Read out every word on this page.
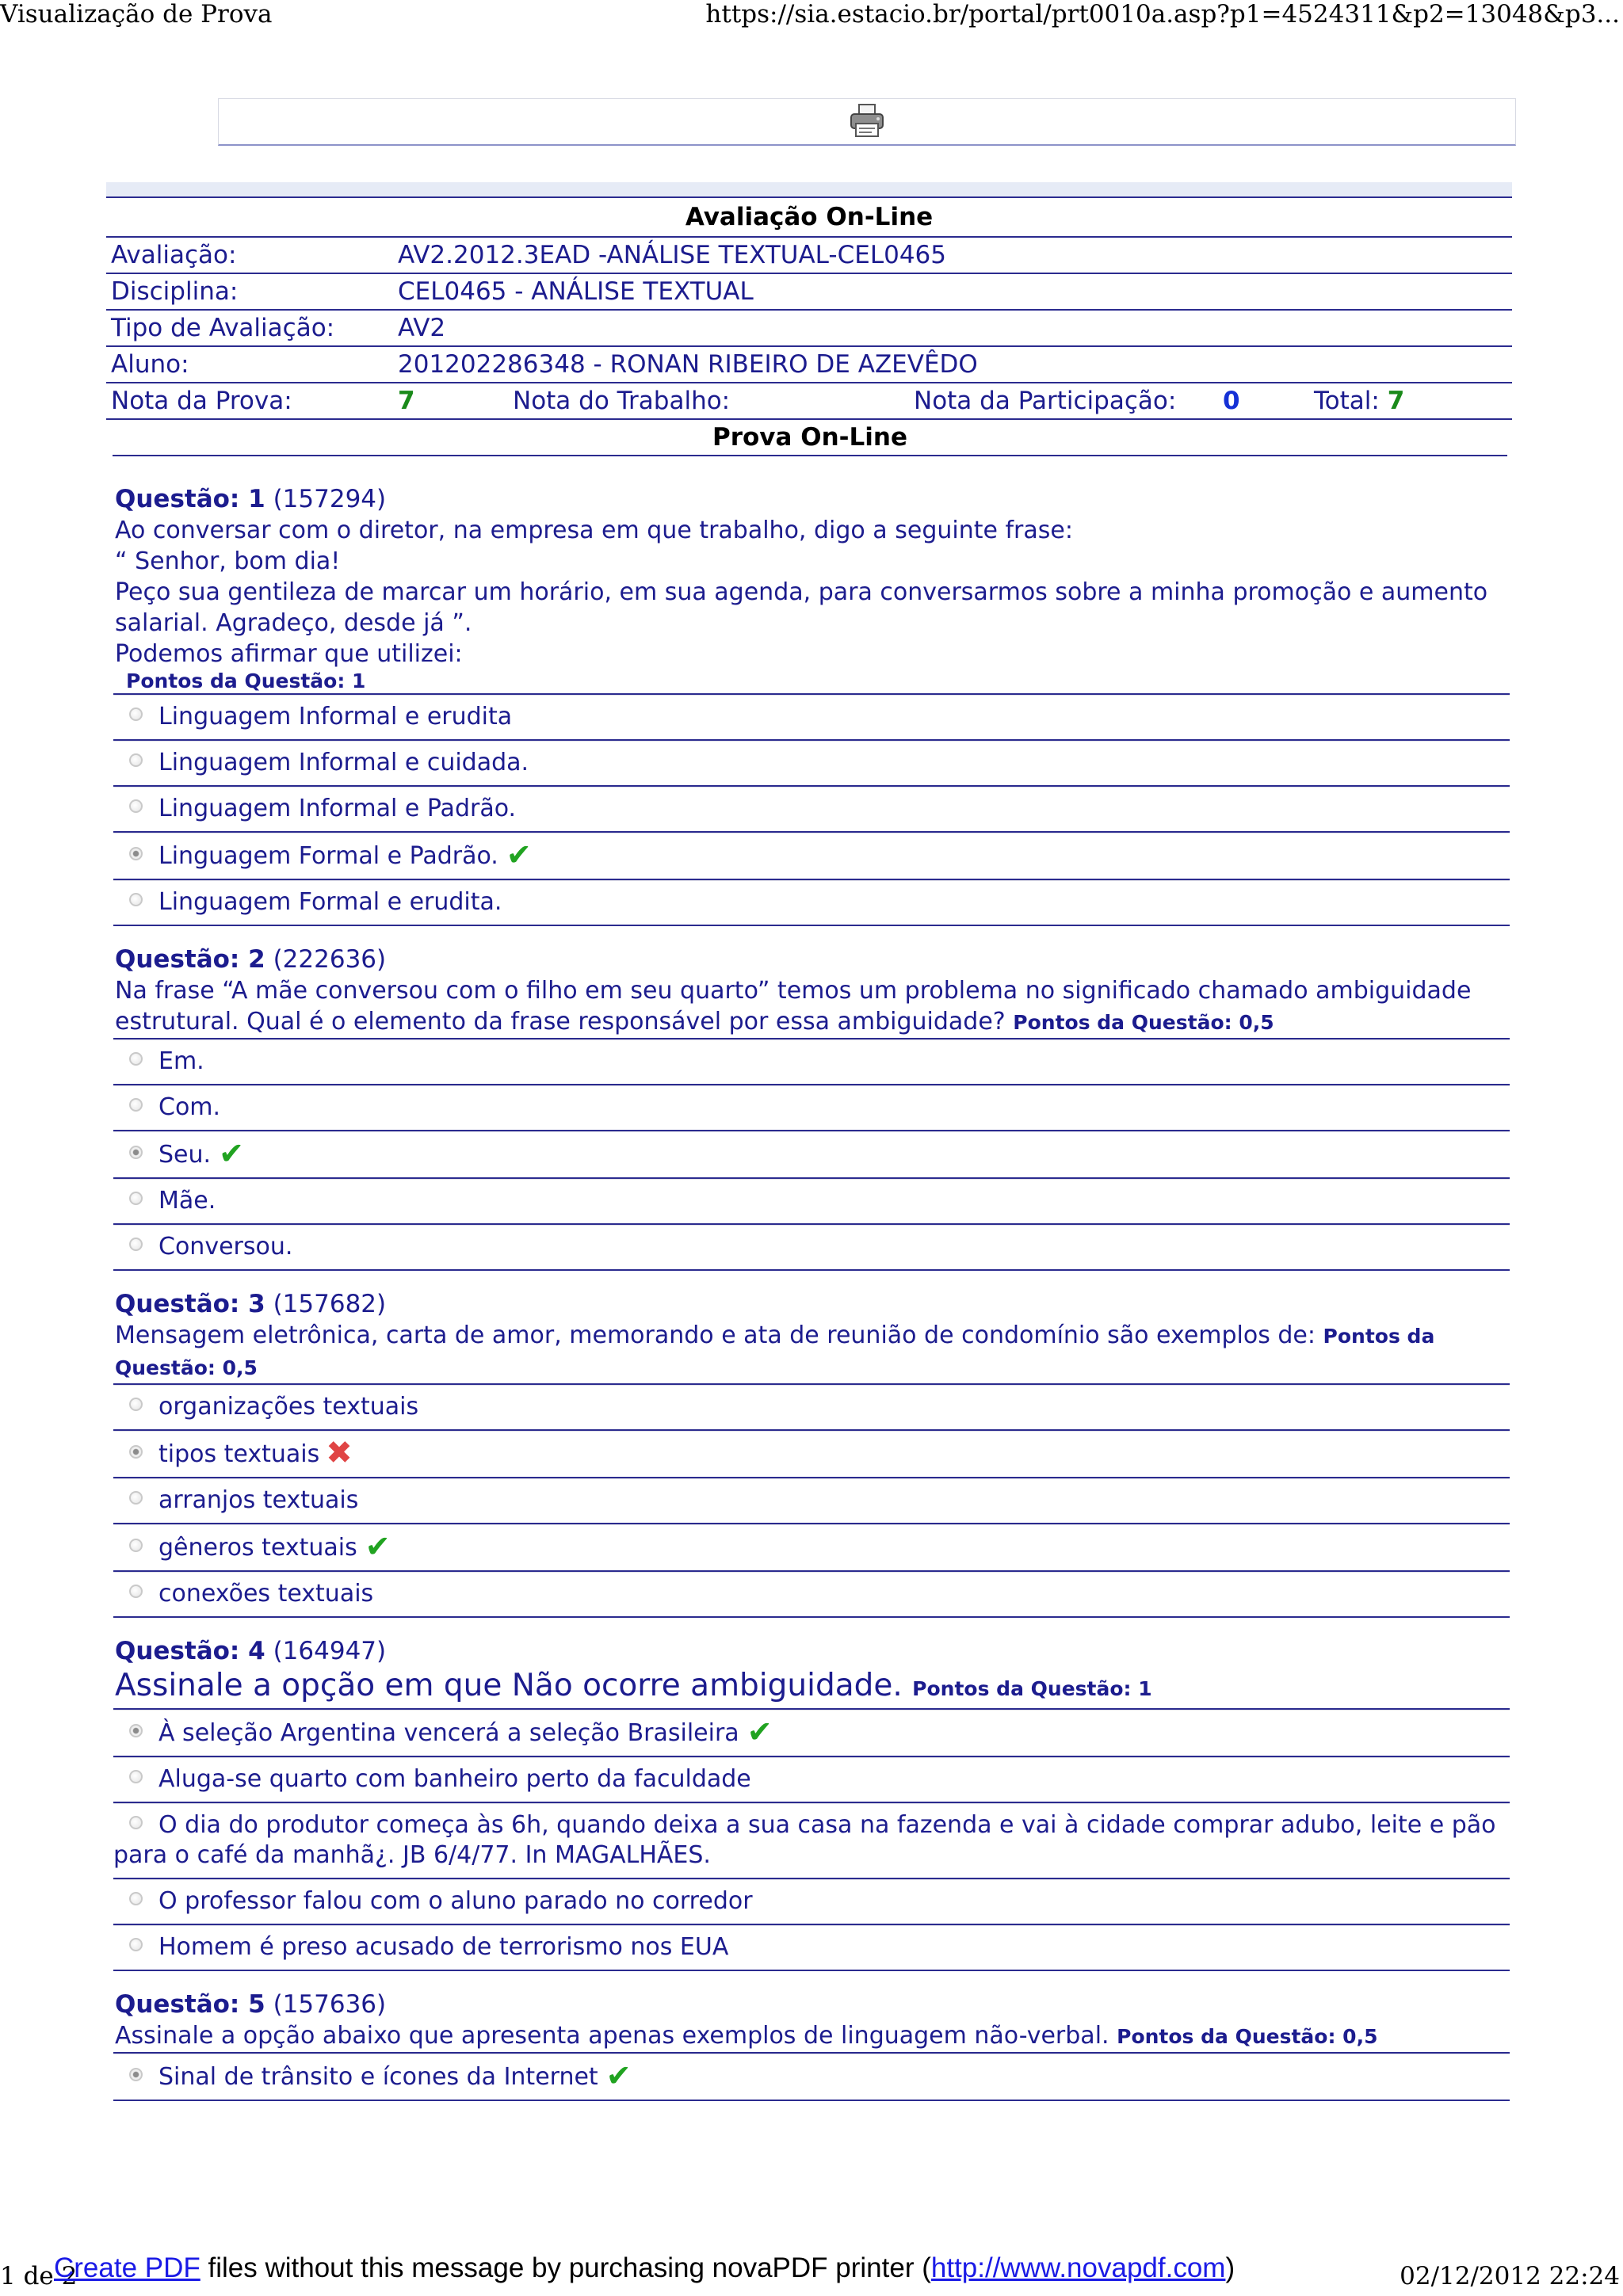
Visualização de Prova	https://sia.estacio.br/portal/prt0010a.asp?p1=4524311&p2=13048&p3...
Avaliação On-Line					
Avaliação:	AV2.2012.3EAD -ANÁLISE TEXTUAL-CEL0465				
Disciplina:	CEL0465 - ANÁLISE TEXTUAL				
Tipo de Avaliação:	AV2				
Aluno:	201202286348 - RONAN RIBEIRO DE AZEVÊDO				
Nota da Prova:	7	Nota do Trabalho:	Nota da Participação:	0	Total: 7
Prova On-Line
Questão: 1 (157294)
Ao conversar com o diretor, na empresa em que trabalho, digo a seguinte frase:
“ Senhor, bom dia!
Peço sua gentileza de marcar um horário, em sua agenda, para conversarmos sobre a minha promoção e aumento salarial. Agradeço, desde já ”.
Podemos afirmar que utilizei:
Pontos da Questão: 1
Linguagem Informal e erudita
Linguagem Informal e cuidada.
Linguagem Informal e Padrão.
Linguagem Formal e Padrão. ✔
Linguagem Formal e erudita.
Questão: 2 (222636)
Na frase “A mãe conversou com o filho em seu quarto” temos um problema no significado chamado ambiguidade estrutural. Qual é o elemento da frase responsável por essa ambiguidade? Pontos da Questão: 0,5
Em.
Com.
Seu. ✔
Mãe.
Conversou.
Questão: 3 (157682)
Mensagem eletrônica, carta de amor, memorando e ata de reunião de condomínio são exemplos de: Pontos da Questão: 0,5
organizações textuais
tipos textuais ✖
arranjos textuais
gêneros textuais ✔
conexões textuais
Questão: 4 (164947)
Assinale a opção em que Não ocorre ambiguidade. Pontos da Questão: 1
À seleção Argentina vencerá a seleção Brasileira ✔
Aluga-se quarto com banheiro perto da faculdade
O dia do produtor começa às 6h, quando deixa a sua casa na fazenda e vai à cidade comprar adubo, leite e pão para o café da manhã¿. JB 6/4/77. In MAGALHÃES.
O professor falou com o aluno parado no corredor
Homem é preso acusado de terrorismo nos EUA
Questão: 5 (157636)
Assinale a opção abaixo que apresenta apenas exemplos de linguagem não-verbal. Pontos da Questão: 0,5
Sinal de trânsito e ícones da Internet ✔
1 de 2
Create PDF files without this message by purchasing novaPDF printer (http://www.novapdf.com)	02/12/2012 22:24
